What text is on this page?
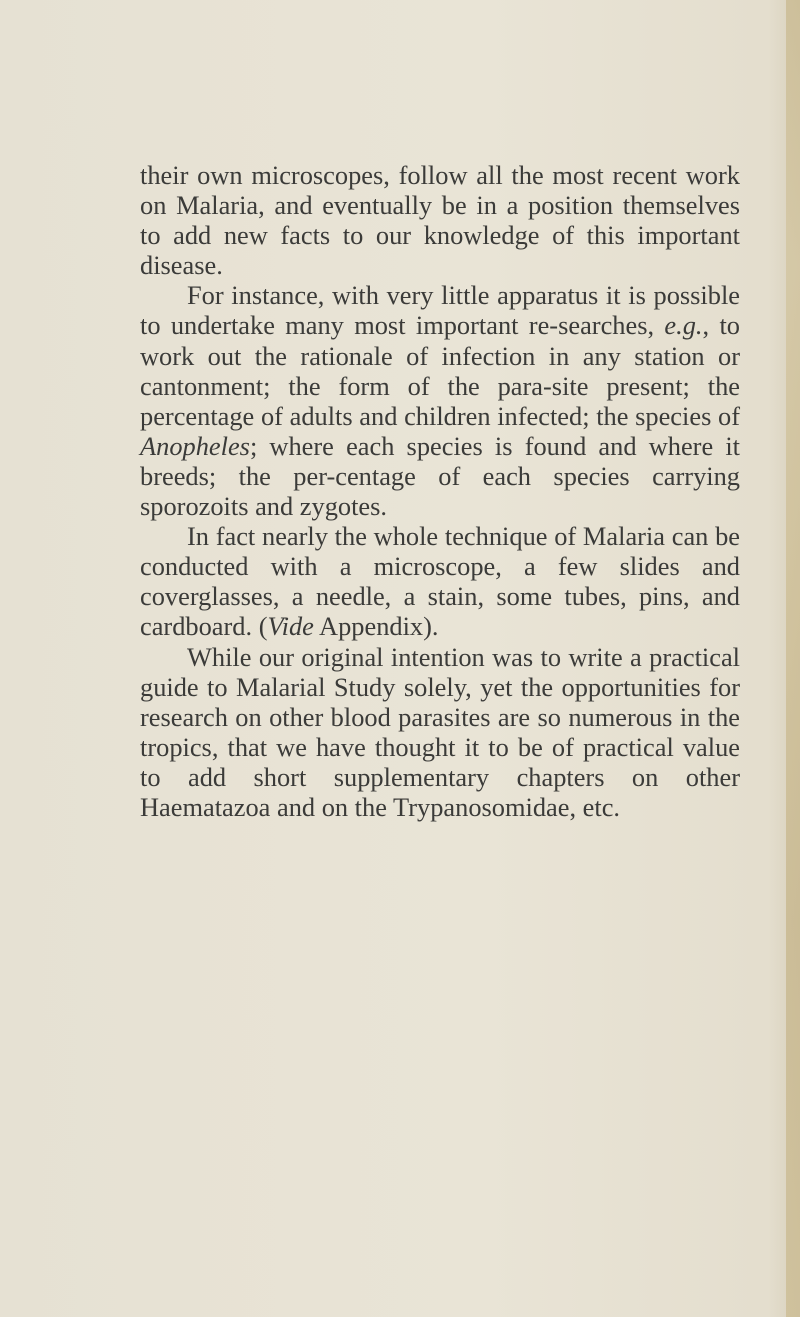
their own microscopes, follow all the most recent work on Malaria, and eventually be in a position themselves to add new facts to our knowledge of this important disease.

For instance, with very little apparatus it is possible to undertake many most important re-searches, e.g., to work out the rationale of infection in any station or cantonment; the form of the para-site present; the percentage of adults and children infected; the species of Anopheles; where each species is found and where it breeds; the per-centage of each species carrying sporozoits and zygotes.

In fact nearly the whole technique of Malaria can be conducted with a microscope, a few slides and coverglasses, a needle, a stain, some tubes, pins, and cardboard. (Vide Appendix).

While our original intention was to write a practical guide to Malarial Study solely, yet the opportunities for research on other blood parasites are so numerous in the tropics, that we have thought it to be of practical value to add short supplementary chapters on other Haematazoa and on the Trypanosomidae, etc.
